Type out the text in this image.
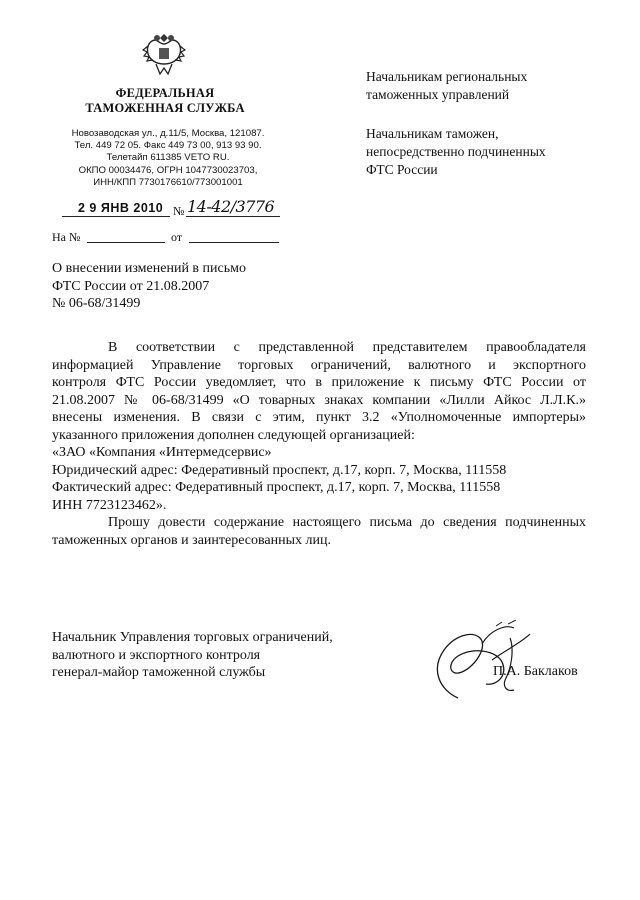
ФЕДЕРАЛЬНАЯ
ТАМОЖЕННАЯ СЛУЖБА
Новозаводская ул., д.11/5, Москва, 121087.
Тел. 449 72 05. Факс 449 73 00, 913 93 90.
Телетайп 611385 VETO RU.
ОКПО 00034476, ОГРН 1047730023703,
ИНН/КПП 7730176610/773001001
2 9 ЯНВ 2010 № 14-42/3776
На №	от
Начальникам региональных
таможенных управлений
Начальникам таможен,
непосредственно подчиненных
ФТС России
О внесении изменений в письмо
ФТС России от 21.08.2007
№ 06-68/31499
В соответствии с представленной представителем правообладателя
информацией Управление торговых ограничений, валютного и экспортного
контроля ФТС России уведомляет, что в приложение к письму ФТС России от
21.08.2007 № 06-68/31499 «О товарных знаках компании «Лилли Айкос Л.Л.К.»
внесены изменения. В связи с этим, пункт 3.2 «Уполномоченные импортеры»
указанного приложения дополнен следующей организацией:
«ЗАО «Компания «Интермедсервис»
Юридический адрес: Федеративный проспект, д.17, корп. 7, Москва, 111558
Фактический адрес: Федеративный проспект, д.17, корп. 7, Москва, 111558
ИНН 7723123462».
Прошу довести содержание настоящего письма до сведения подчиненных
таможенных органов и заинтересованных лиц.
Начальник Управления торговых ограничений,
валютного и экспортного контроля
генерал-майор таможенной службы	П.А. Баклаков
